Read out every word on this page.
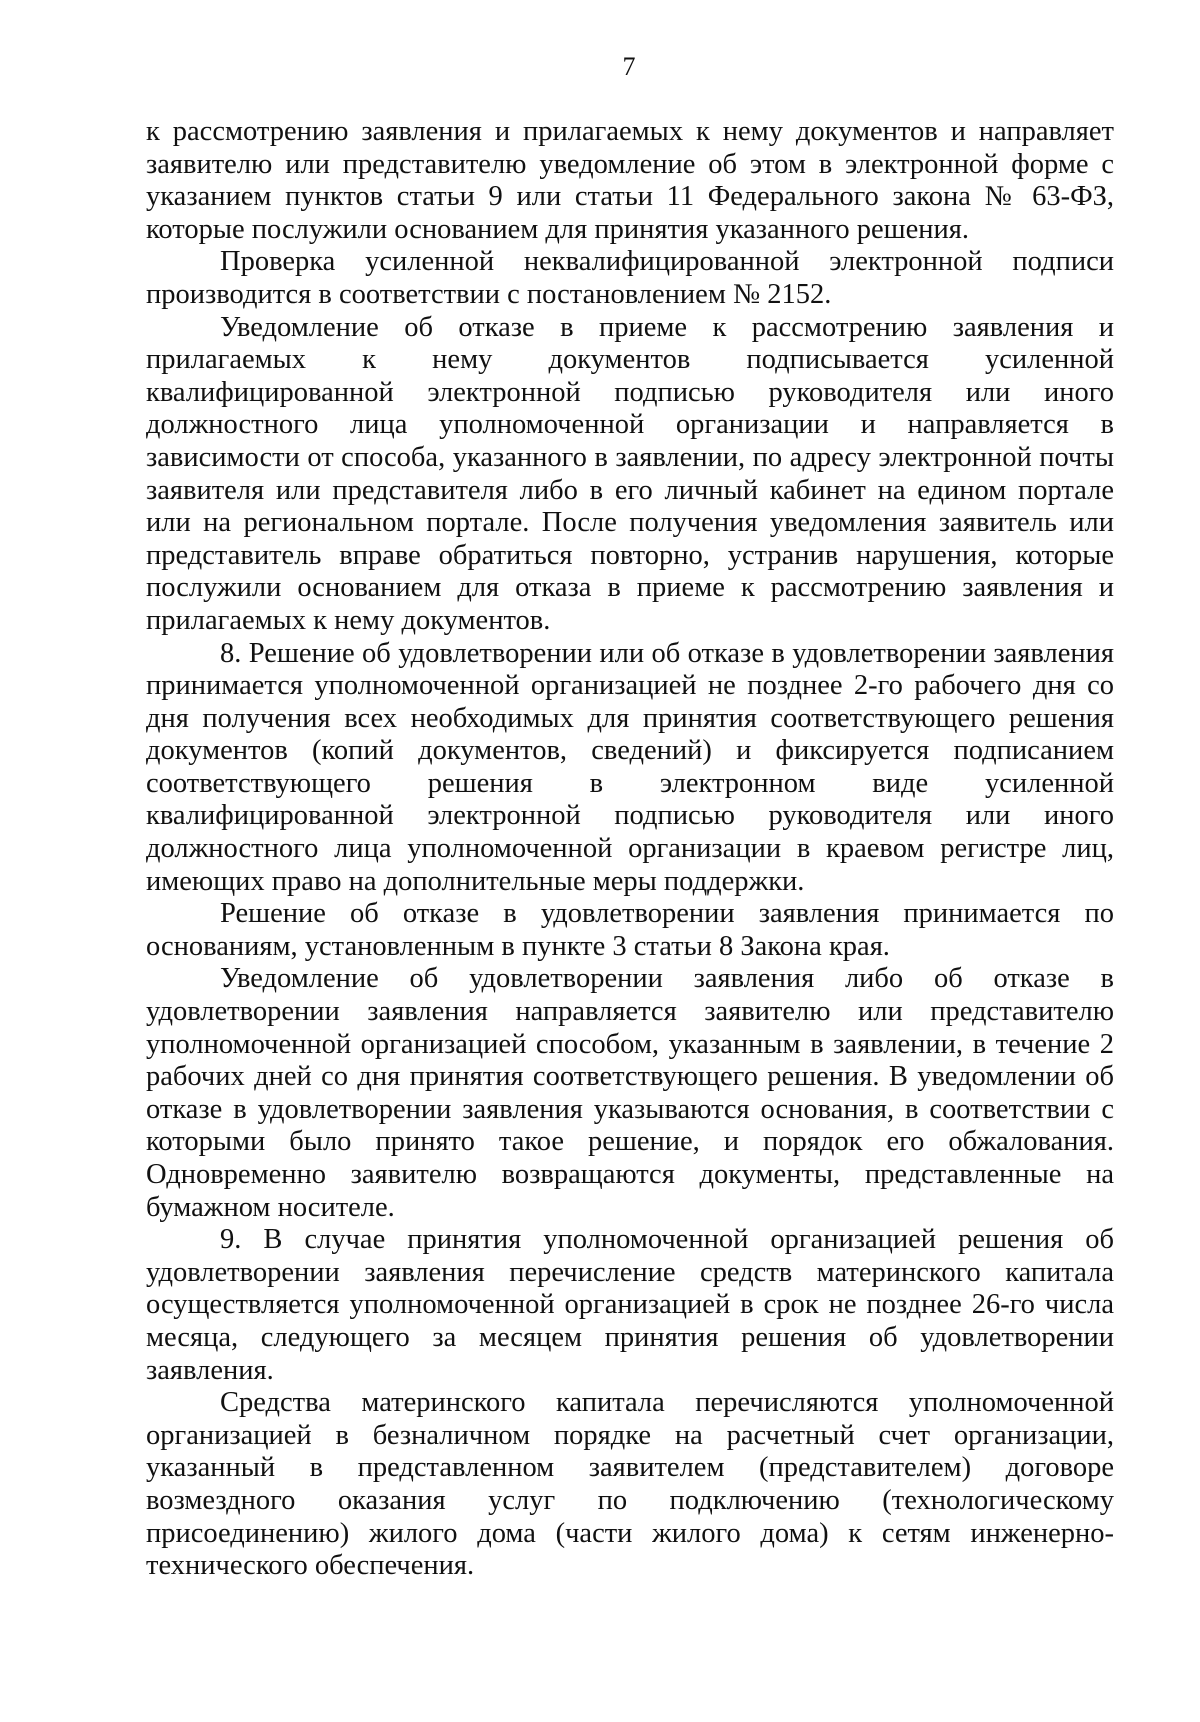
7

к рассмотрению заявления и прилагаемых к нему документов и направляет заявителю или представителю уведомление об этом в электронной форме с указанием пунктов статьи 9 или статьи 11 Федерального закона № 63-ФЗ, которые послужили основанием для принятия указанного решения.

Проверка усиленной неквалифицированной электронной подписи производится в соответствии с постановлением № 2152.

Уведомление об отказе в приеме к рассмотрению заявления и прилагаемых к нему документов подписывается усиленной квалифицированной электронной подписью руководителя или иного должностного лица уполномоченной организации и направляется в зависимости от способа, указанного в заявлении, по адресу электронной почты заявителя или представителя либо в его личный кабинет на едином портале или на региональном портале. После получения уведомления заявитель или представитель вправе обратиться повторно, устранив нарушения, которые послужили основанием для отказа в приеме к рассмотрению заявления и прилагаемых к нему документов.

8. Решение об удовлетворении или об отказе в удовлетворении заявления принимается уполномоченной организацией не позднее 2-го рабочего дня со дня получения всех необходимых для принятия соответствующего решения документов (копий документов, сведений) и фиксируется подписанием соответствующего решения в электронном виде усиленной квалифицированной электронной подписью руководителя или иного должностного лица уполномоченной организации в краевом регистре лиц, имеющих право на дополнительные меры поддержки.

Решение об отказе в удовлетворении заявления принимается по основаниям, установленным в пункте 3 статьи 8 Закона края.

Уведомление об удовлетворении заявления либо об отказе в удовлетворении заявления направляется заявителю или представителю уполномоченной организацией способом, указанным в заявлении, в течение 2 рабочих дней со дня принятия соответствующего решения. В уведомлении об отказе в удовлетворении заявления указываются основания, в соответствии с которыми было принято такое решение, и порядок его обжалования. Одновременно заявителю возвращаются документы, представленные на бумажном носителе.

9. В случае принятия уполномоченной организацией решения об удовлетворении заявления перечисление средств материнского капитала осуществляется уполномоченной организацией в срок не позднее 26-го числа месяца, следующего за месяцем принятия решения об удовлетворении заявления.

Средства материнского капитала перечисляются уполномоченной организацией в безналичном порядке на расчетный счет организации, указанный в представленном заявителем (представителем) договоре возмездного оказания услуг по подключению (технологическому присоединению) жилого дома (части жилого дома) к сетям инженерно-технического обеспечения.
